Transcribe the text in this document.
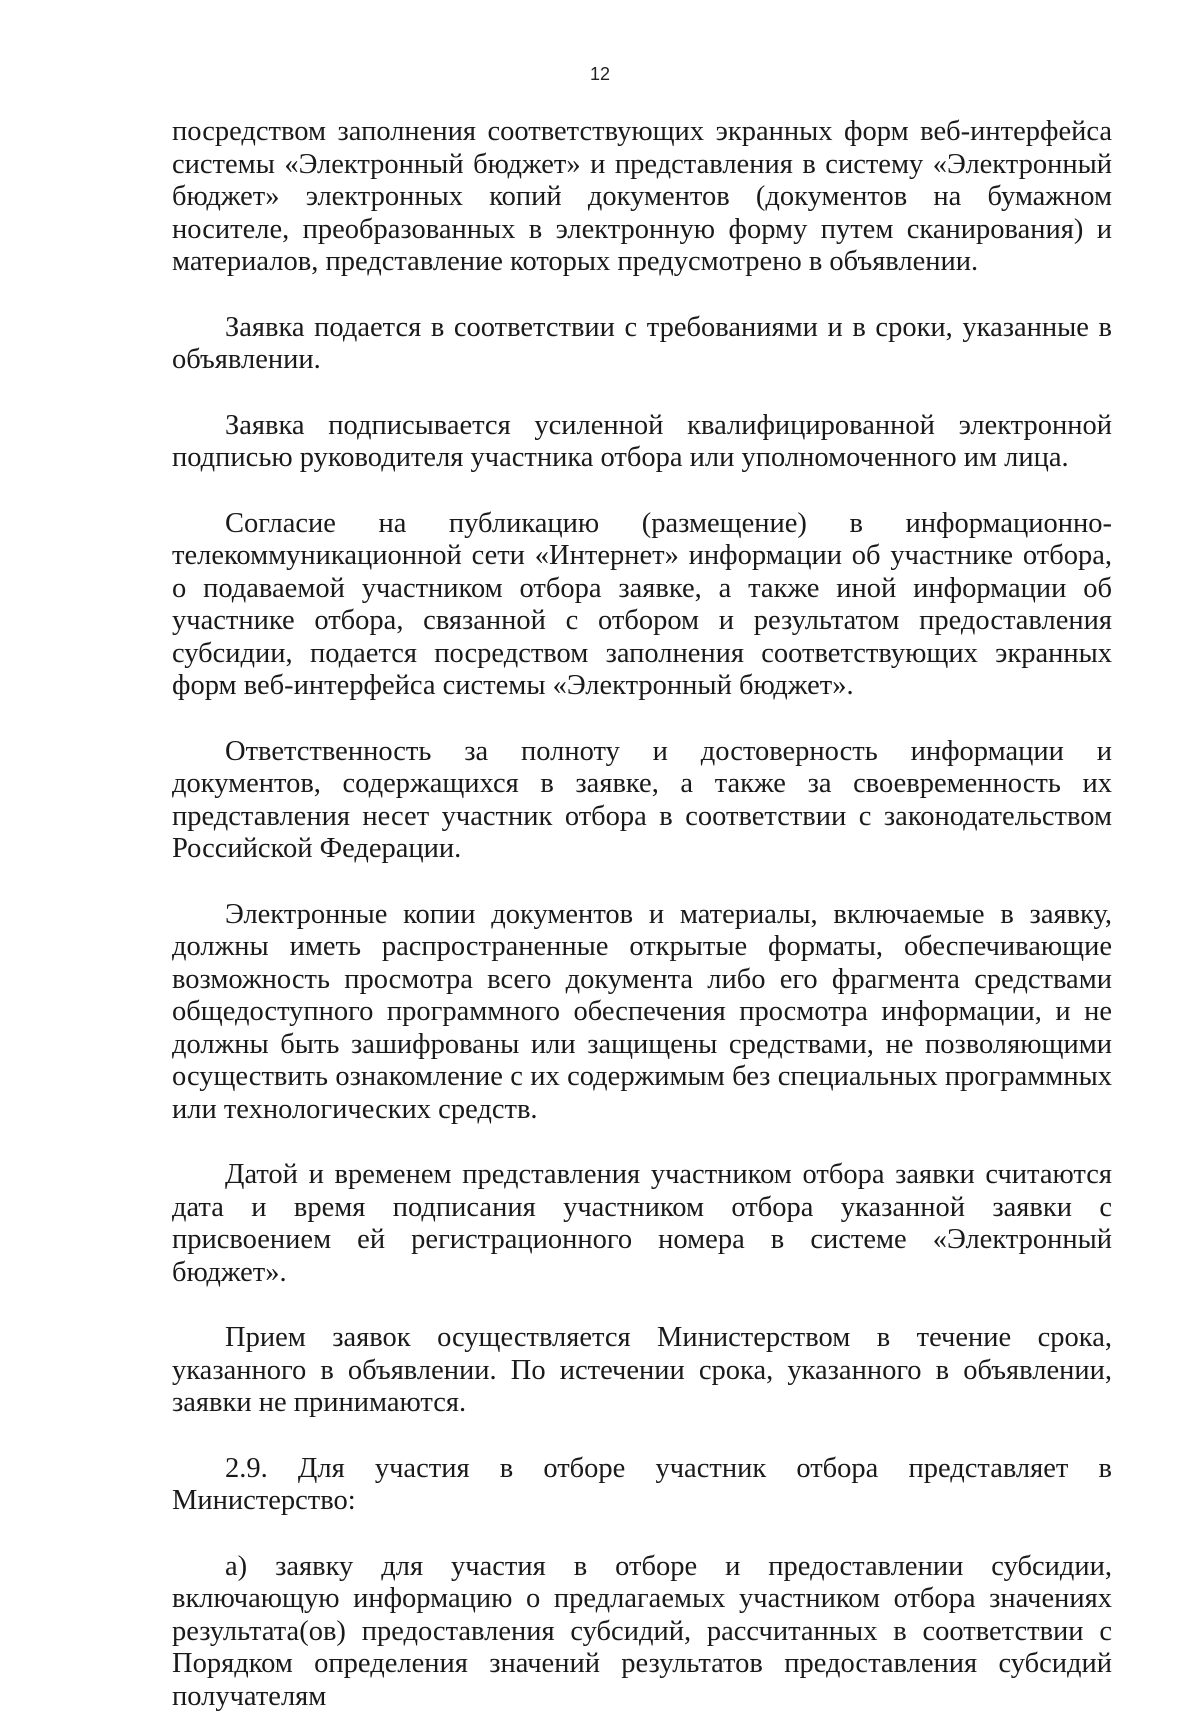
12

посредством заполнения соответствующих экранных форм веб-интерфейса системы «Электронный бюджет» и представления в систему «Электронный бюджет» электронных копий документов (документов на бумажном носителе, преобразованных в электронную форму путем сканирования) и материалов, представление которых предусмотрено в объявлении.

Заявка подается в соответствии с требованиями и в сроки, указанные в объявлении.

Заявка подписывается усиленной квалифицированной электронной подписью руководителя участника отбора или уполномоченного им лица.

Согласие на публикацию (размещение) в информационно-телекоммуникационной сети «Интернет» информации об участнике отбора, о подаваемой участником отбора заявке, а также иной информации об участнике отбора, связанной с отбором и результатом предоставления субсидии, подается посредством заполнения соответствующих экранных форм веб-интерфейса системы «Электронный бюджет».

Ответственность за полноту и достоверность информации и документов, содержащихся в заявке, а также за своевременность их представления несет участник отбора в соответствии с законодательством Российской Федерации.

Электронные копии документов и материалы, включаемые в заявку, должны иметь распространенные открытые форматы, обеспечивающие возможность просмотра всего документа либо его фрагмента средствами общедоступного программного обеспечения просмотра информации, и не должны быть зашифрованы или защищены средствами, не позволяющими осуществить ознакомление с их содержимым без специальных программных или технологических средств.

Датой и временем представления участником отбора заявки считаются дата и время подписания участником отбора указанной заявки с присвоением ей регистрационного номера в системе «Электронный бюджет».

Прием заявок осуществляется Министерством в течение срока, указанного в объявлении. По истечении срока, указанного в объявлении, заявки не принимаются.

2.9. Для участия в отборе участник отбора представляет в Министерство:

а) заявку для участия в отборе и предоставлении субсидии, включающую информацию о предлагаемых участником отбора значениях результата(ов) предоставления субсидий, рассчитанных в соответствии с Порядком определения значений результатов предоставления субсидий получателям
